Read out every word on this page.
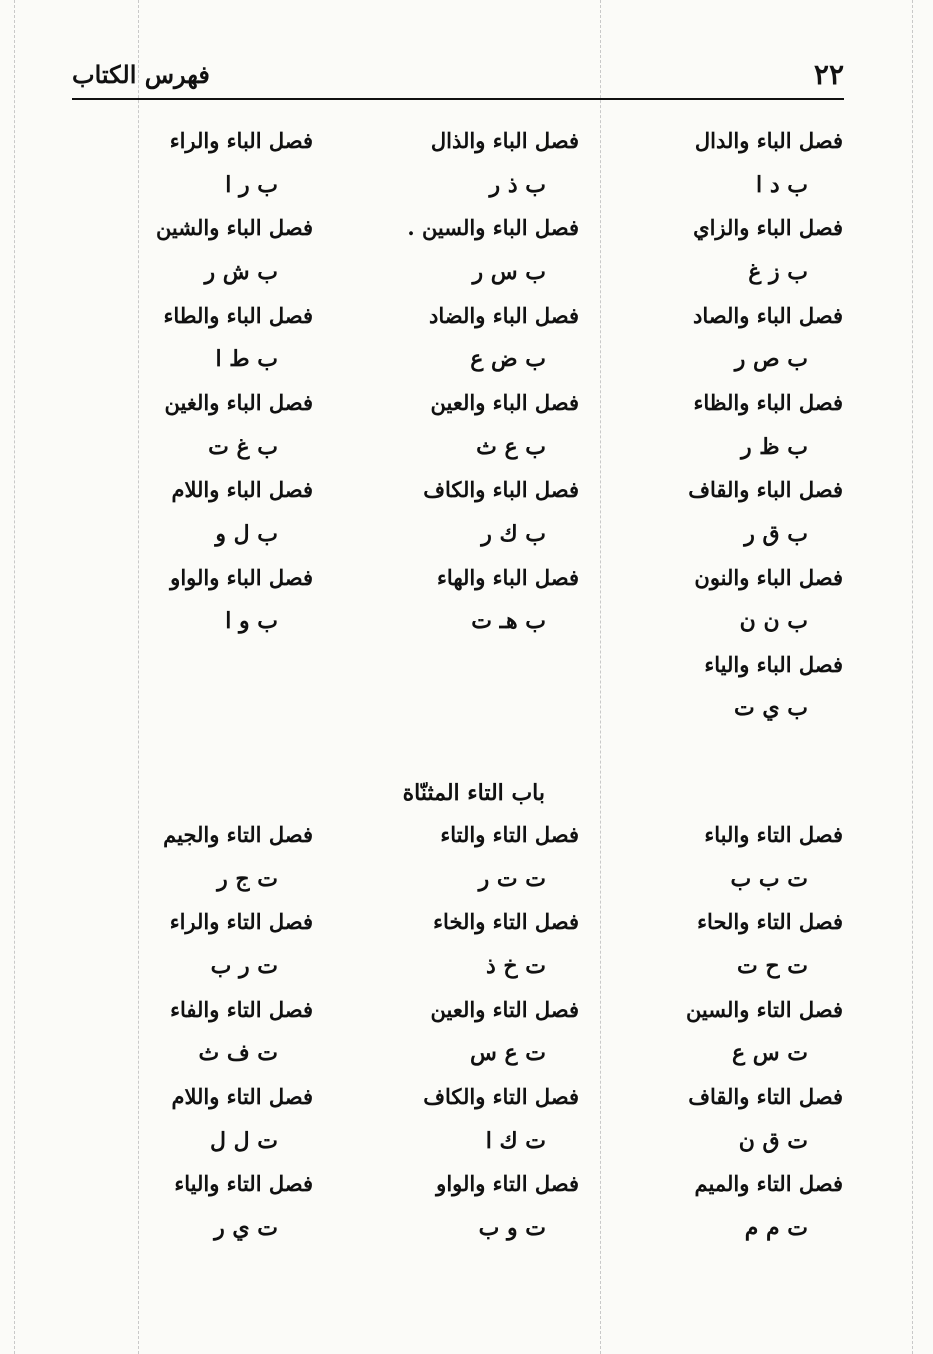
٢٢
فهرس الكتاب
فصل الباء والدال
ب د ا
فصل الباء والزاي
ب ز غ
فصل الباء والصاد
ب ص ر
فصل الباء والظاء
ب ظ ر
فصل الباء والقاف
ب ق ر
فصل الباء والنون
ب ن ن
فصل الباء والياء
ب ي ت
فصل الباء والذال
ب ذ ر
فصل الباء والسين .
ب س ر
فصل الباء والضاد
ب ض ع
فصل الباء والعين
ب ع ث
فصل الباء والكاف
ب ك ر
فصل الباء والهاء
ب هـ ت
فصل الباء والراء
ب ر ا
فصل الباء والشين
ب ش ر
فصل الباء والطاء
ب ط ا
فصل الباء والغين
ب غ ت
فصل الباء واللام
ب ل و
فصل الباء والواو
ب و ا
باب التاء المثنّاة
فصل التاء والباء
ت ب ب
فصل التاء والحاء
ت ح ت
فصل التاء والسين
ت س ع
فصل التاء والقاف
ت ق ن
فصل التاء والميم
ت م م
فصل التاء والتاء
ت ت ر
فصل التاء والخاء
ت خ ذ
فصل التاء والعين
ت ع س
فصل التاء والكاف
ت ك ا
فصل التاء والواو
ت و ب
فصل التاء والجيم
ت ج ر
فصل التاء والراء
ت ر ب
فصل التاء والفاء
ت ف ث
فصل التاء واللام
ت ل ل
فصل التاء والياء
ت ي ر
